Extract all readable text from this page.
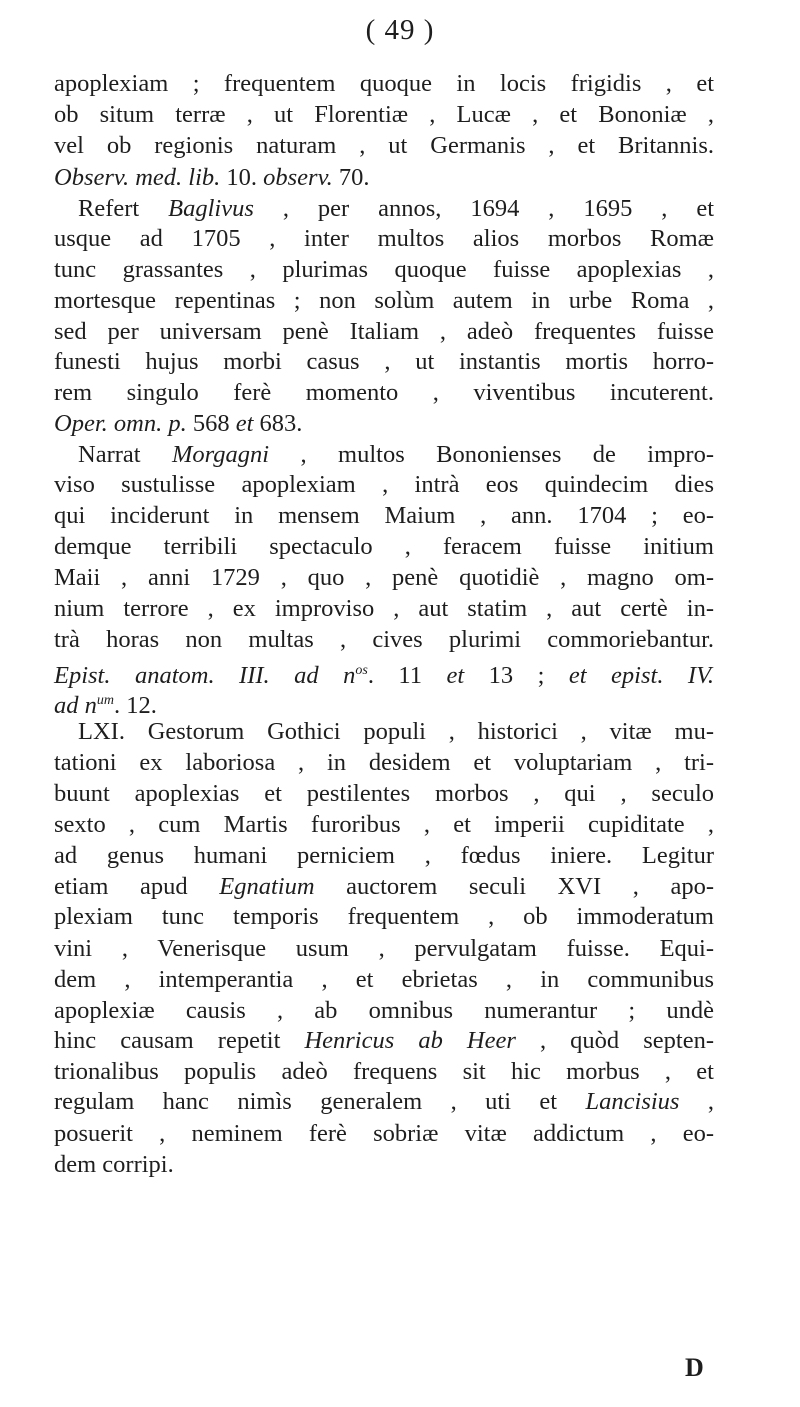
( 49 )
apoplexiam ; frequentem quoque in locis frigidis , et
ob situm terræ , ut Florentiæ , Lucæ , et Bononiæ ,
vel ob regionis naturam , ut Germanis , et Britannis.
Observ. med. lib. 10. observ. 70.
Refert Baglivus , per annos, 1694 , 1695 , et
usque ad 1705 , inter multos alios morbos Romæ
tunc grassantes , plurimas quoque fuisse apoplexias ,
mortesque repentinas ; non solùm autem in urbe Roma ,
sed per universam penè Italiam , adeò frequentes fuisse
funesti hujus morbi casus , ut instantis mortis horro-
rem singulo ferè momento , viventibus incuterent.
Oper. omn. p. 568 et 683.
Narrat Morgagni , multos Bononienses de impro-
viso sustulisse apoplexiam , intrà eos quindecim dies
qui inciderunt in mensem Maium , ann. 1704 ; eo-
demque terribili spectaculo , feracem fuisse initium
Maii , anni 1729 , quo , penè quotidiè , magno om-
nium terrore , ex improviso , aut statim , aut certè in-
trà horas non multas , cives plurimi commoriebantur.
Epist. anatom. III. ad $n^{os}$. 11 et 13 ; et epist. IV.
ad $n^{um}$. 12.
LXI. Gestorum Gothici populi , historici , vitæ mu-
tationi ex laboriosa , in desidem et voluptariam , tri-
buunt apoplexias et pestilentes morbos , qui , seculo
sexto , cum Martis furoribus , et imperii cupiditate ,
ad genus humani perniciem , fœdus iniere. Legitur
etiam apud Egnatium auctorem seculi XVI , apo-
plexiam tunc temporis frequentem , ob immoderatum
vini , Venerisque usum , pervulgatam fuisse. Equi-
dem , intemperantia , et ebrietas , in communibus
apoplexiæ causis , ab omnibus numerantur ; undè
hinc causam repetit Henricus ab Heer , quòd septen-
trionalibus populis adeò frequens sit hic morbus , et
regulam hanc nimìs generalem , uti et Lancisius ,
posuerit , neminem ferè sobriæ vitæ addictum , eo-
dem corripi.
D
